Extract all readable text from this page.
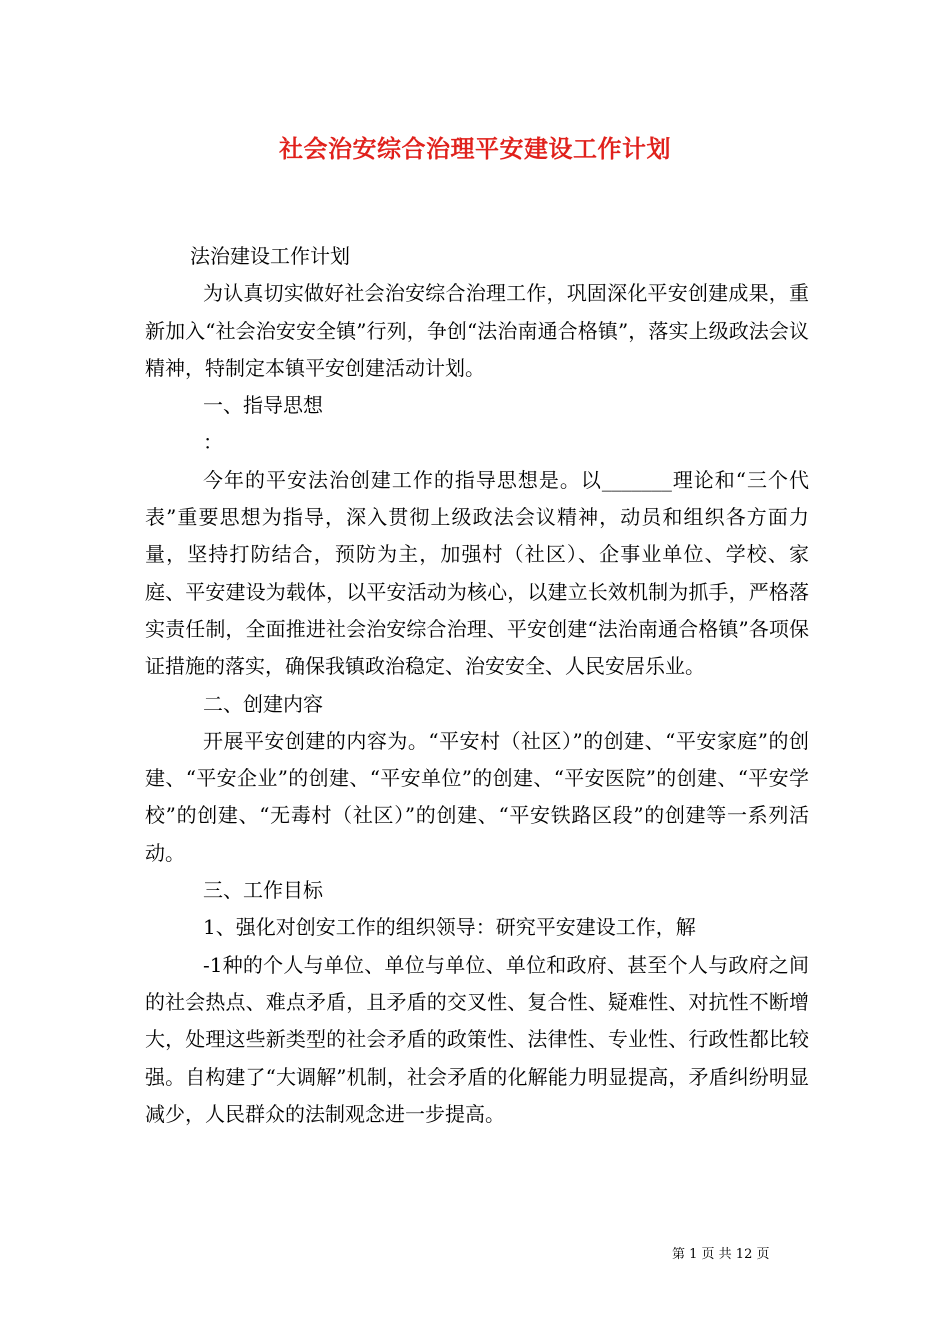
社会治安综合治理平安建设工作计划

法治建设工作计划

为认真切实做好社会治安综合治理工作，巩固深化平安创建成果，重新加入“社会治安安全镇”行列，争创“法治南通合格镇”，落实上级政法会议精神，特制定本镇平安创建活动计划。

一、指导思想

：

今年的平安法治创建工作的指导思想是。以_______理论和“三个代表”重要思想为指导，深入贯彻上级政法会议精神，动员和组织各方面力量，坚持打防结合，预防为主，加强村（社区）、企事业单位、学校、家庭、平安建设为载体，以平安活动为核心，以建立长效机制为抓手，严格落实责任制，全面推进社会治安综合治理、平安创建“法治南通合格镇”各项保证措施的落实，确保我镇政治稳定、治安安全、人民安居乐业。

二、创建内容

开展平安创建的内容为。“平安村（社区）”的创建、“平安家庭”的创建、“平安企业”的创建、“平安单位”的创建、“平安医院”的创建、“平安学校”的创建、“无毒村（社区）”的创建、“平安铁路区段”的创建等一系列活动。

三、工作目标

1、强化对创安工作的组织领导：研究平安建设工作，解

-1种的个人与单位、单位与单位、单位和政府、甚至个人与政府之间的社会热点、难点矛盾，且矛盾的交叉性、复合性、疑难性、对抗性不断增大，处理这些新类型的社会矛盾的政策性、法律性、专业性、行政性都比较强。自构建了“大调解”机制，社会矛盾的化解能力明显提高，矛盾纠纷明显减少，人民群众的法制观念进一步提高。

第 1 页 共 12 页
